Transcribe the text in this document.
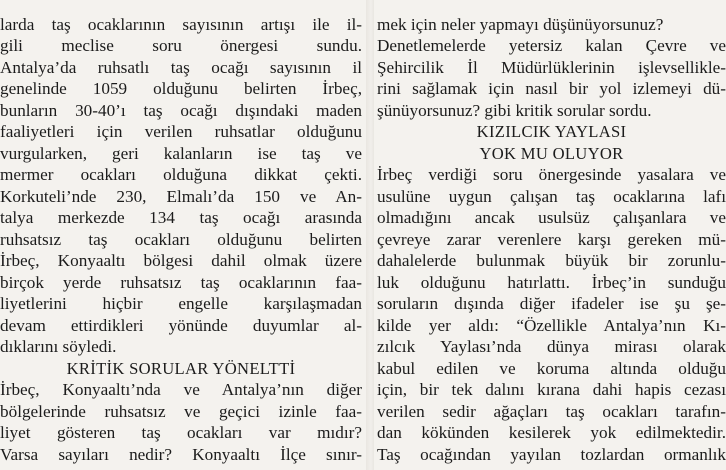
larda taş ocaklarının sayısının artışı ile il-
gili meclise soru önergesi sundu.
Antalya’da ruhsatlı taş ocağı sayısının il
genelinde 1059 olduğunu belirten İrbeç,
bunların 30-40’ı taş ocağı dışındaki maden
faaliyetleri için verilen ruhsatlar olduğunu
vurgularken, geri kalanların ise taş ve
mermer ocakları olduğuna dikkat çekti.
Korkuteli’nde 230, Elmalı’da 150 ve An-
talya merkezde 134 taş ocağı arasında
ruhsatsız taş ocakları olduğunu belirten
İrbeç, Konyaaltı bölgesi dahil olmak üzere
birçok yerde ruhsatsız taş ocaklarının faa-
liyetlerini hiçbir engelle karşılaşmadan
devam ettirdikleri yönünde duyumlar al-
dıklarını söyledi.
KRİTİK SORULAR YÖNELTTİ
İrbeç, Konyaaltı’nda ve Antalya’nın diğer
bölgelerinde ruhsatsız ve geçici izinle faa-
liyet gösteren taş ocakları var mıdır?
Varsa sayıları nedir? Konyaaltı İlçe sınır-
mek için neler yapmayı düşünüyorsunuz?
Denetlemelerde yetersiz kalan Çevre ve
Şehircilik İl Müdürlüklerinin işlevsellikle-
rini sağlamak için nasıl bir yol izlemeyi dü-
şünüyorsunuz? gibi kritik sorular sordu.
KIZILCIK YAYLASI
YOK MU OLUYOR
İrbeç verdiği soru önergesinde yasalara ve
usulüne uygun çalışan taş ocaklarına lafı
olmadığını ancak usulsüz çalışanlara ve
çevreye zarar verenlere karşı gereken mü-
dahalelerde bulunmak büyük bir zorunlu-
luk olduğunu hatırlattı. İrbeç’in sunduğu
soruların dışında diğer ifadeler ise şu şe-
kilde yer aldı: “Özellikle Antalya’nın Kı-
zılcık Yaylası’nda dünya mirası olarak
kabul edilen ve koruma altında olduğu
için, bir tek dalını kırana dahi hapis cezası
verilen sedir ağaçları taş ocakları tarafın-
dan kökünden kesilerek yok edilmektedir.
Taş ocağından yayılan tozlardan ormanlık
